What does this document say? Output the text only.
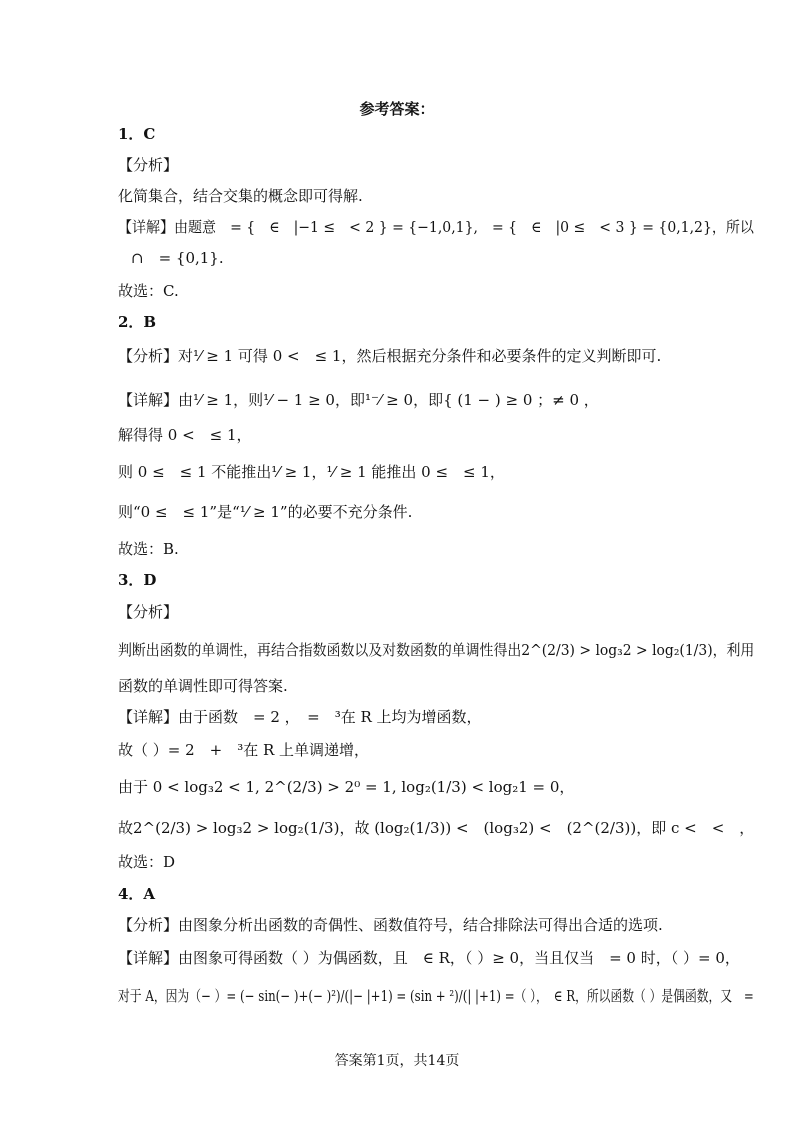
参考答案：
1．C
【分析】
化简集合，结合交集的概念即可得解.
【详解】由题意　= {　∈　|−1 ≤　< 2 } = {−1,0,1},　= {　∈　|0 ≤　< 3 } = {0,1,2}，所以
∩　= {0,1}.
故选：C.
2．B
【分析】对¹⁄ ≥ 1 可得 0 <　≤ 1，然后根据充分条件和必要条件的定义判断即可.
【详解】由¹⁄ ≥ 1，则¹⁄ − 1 ≥ 0，即¹⁻⁄ ≥ 0，即{ (1 − ) ≥ 0 ；≠ 0 ，
解得得 0 <　≤ 1，
则 0 ≤　≤ 1 不能推出¹⁄ ≥ 1，¹⁄ ≥ 1 能推出 0 ≤　≤ 1，
则“0 ≤　≤ 1”是“¹⁄ ≥ 1”的必要不充分条件.
故选：B.
3．D
【分析】
判断出函数的单调性，再结合指数函数以及对数函数的单调性得出2^(2/3) > log₃2 > log₂(1/3)，利用
函数的单调性即可得答案.
【详解】由于函数　= 2 ，　=　³在 R 上均为增函数，
故（ ）= 2　+　³在 R 上单调递增，
由于 0 < log₃2 < 1, 2^(2/3) > 2⁰ = 1, log₂(1/3) < log₂1 = 0，
故2^(2/3) > log₃2 > log₂(1/3)，故 (log₂(1/3)) <　(log₃2) <　(2^(2/3))，即 c <　<　，
故选：D
4．A
【分析】由图象分析出函数的奇偶性、函数值符号，结合排除法可得出合适的选项.
【详解】由图象可得函数（ ）为偶函数，且　∈ R，（ ）≥ 0，当且仅当　= 0 时，（ ）= 0，
对于 A，因为（− ）= (− sin(− )+(− )²)/(|− |+1) = (sin + ²)/(| |+1) =（ ），　∈ R，所以函数（ ）是偶函数，又　=
答案第1页，共14页
